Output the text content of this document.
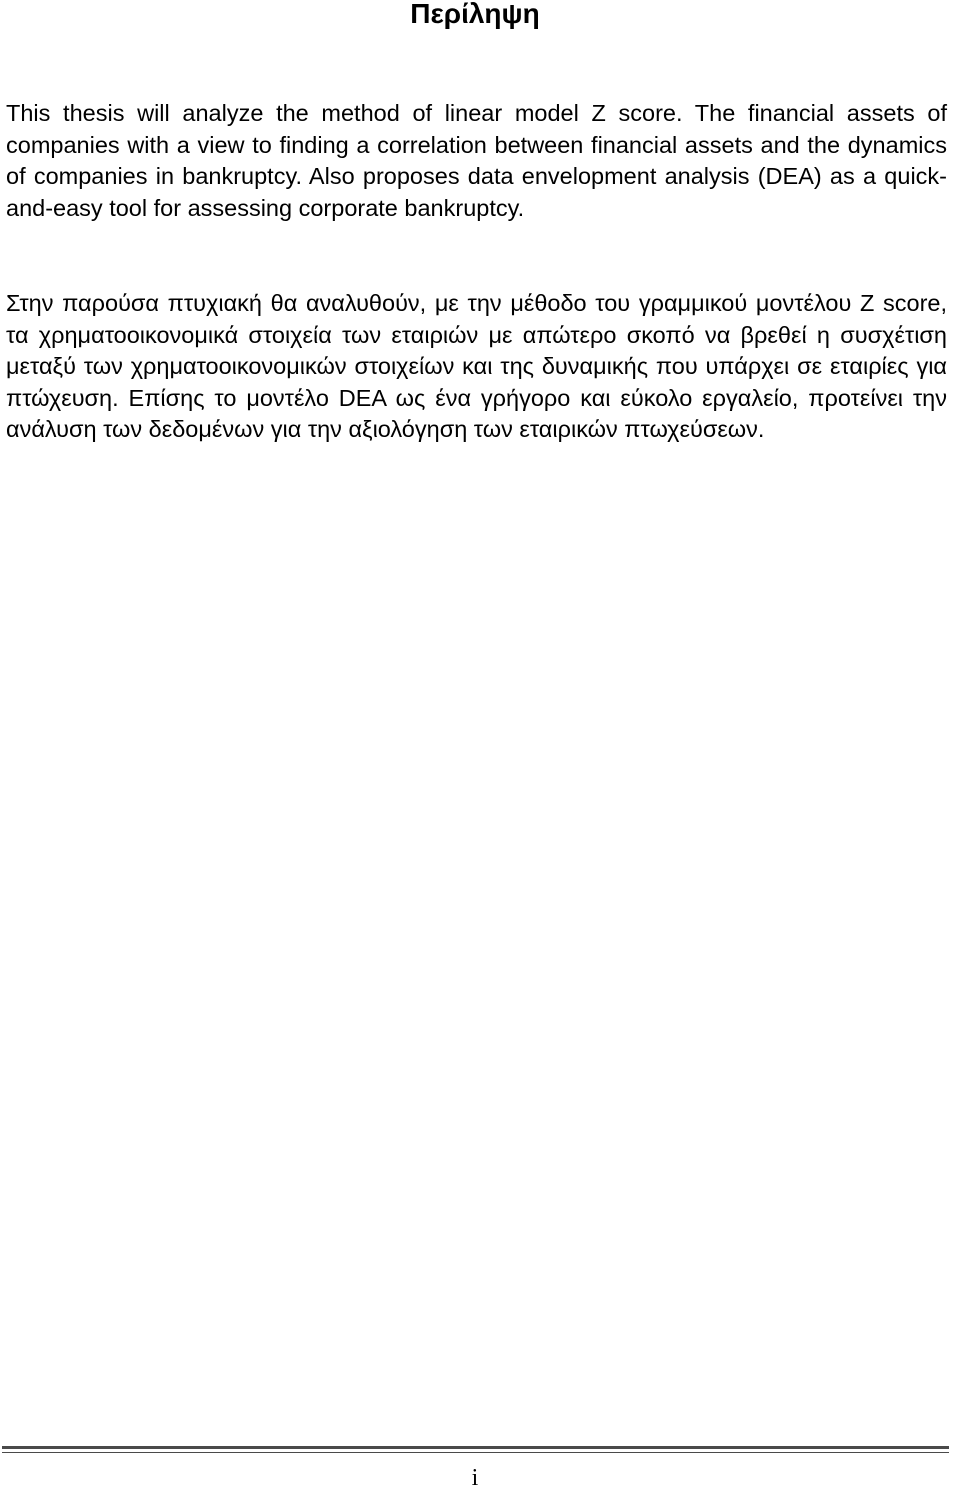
Περίληψη

This thesis will analyze the method of linear model Z score. The financial assets of companies with a view to finding a correlation between financial assets and the dynamics of companies in bankruptcy. Also proposes data envelopment analysis (DEA) as a quick-and-easy tool for assessing corporate bankruptcy.

Στην παρούσα πτυχιακή θα αναλυθούν, με την μέθοδο του γραμμικού μοντέλου Z score, τα χρηματοοικονομικά στοιχεία των εταιριών με απώτερο σκοπό να βρεθεί η συσχέτιση μεταξύ των χρηματοοικονομικών στοιχείων και της δυναμικής που υπάρχει σε εταιρίες για πτώχευση. Επίσης το μοντέλο DEA ως ένα γρήγορο και εύκολο εργαλείο, προτείνει την ανάλυση των δεδομένων για την αξιολόγηση των εταιρικών πτωχεύσεων.

i
